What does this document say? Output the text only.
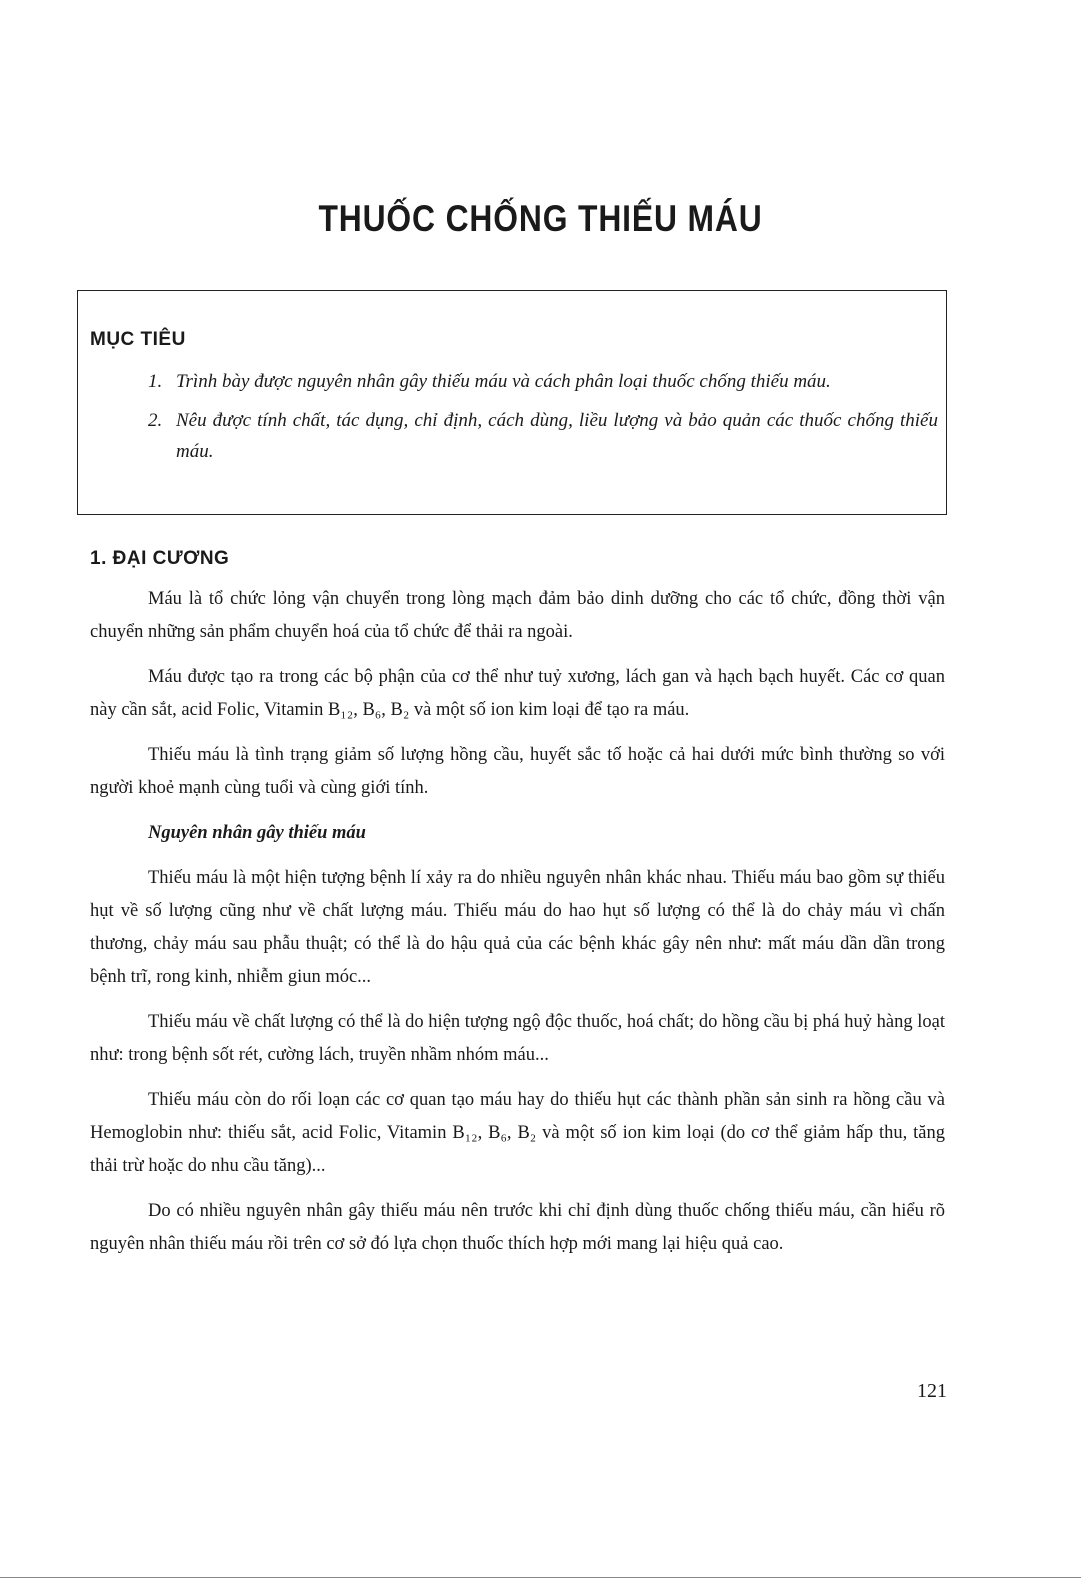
THUỐC CHỐNG THIẾU MÁU
MỤC TIÊU
1. Trình bày được nguyên nhân gây thiếu máu và cách phân loại thuốc chống thiếu máu.
2. Nêu được tính chất, tác dụng, chỉ định, cách dùng, liều lượng và bảo quản các thuốc chống thiếu máu.
1. ĐẠI CƯƠNG

Máu là tổ chức lỏng vận chuyển trong lòng mạch đảm bảo dinh dưỡng cho các tổ chức, đồng thời vận chuyển những sản phẩm chuyển hoá của tổ chức để thải ra ngoài.

Máu được tạo ra trong các bộ phận của cơ thể như tuỷ xương, lách gan và hạch bạch huyết. Các cơ quan này cần sắt, acid Folic, Vitamin B₁₂, B₆, B₂ và một số ion kim loại để tạo ra máu.

Thiếu máu là tình trạng giảm số lượng hồng cầu, huyết sắc tố hoặc cả hai dưới mức bình thường so với người khoẻ mạnh cùng tuổi và cùng giới tính.

Nguyên nhân gây thiếu máu

Thiếu máu là một hiện tượng bệnh lí xảy ra do nhiều nguyên nhân khác nhau. Thiếu máu bao gồm sự thiếu hụt về số lượng cũng như về chất lượng máu. Thiếu máu do hao hụt số lượng có thể là do chảy máu vì chấn thương, chảy máu sau phẫu thuật; có thể là do hậu quả của các bệnh khác gây nên như: mất máu dần dần trong bệnh trĩ, rong kinh, nhiễm giun móc...

Thiếu máu về chất lượng có thể là do hiện tượng ngộ độc thuốc, hoá chất; do hồng cầu bị phá huỷ hàng loạt như: trong bệnh sốt rét, cường lách, truyền nhầm nhóm máu...

Thiếu máu còn do rối loạn các cơ quan tạo máu hay do thiếu hụt các thành phần sản sinh ra hồng cầu và Hemoglobin như: thiếu sắt, acid Folic, Vitamin B₁₂, B₆, B₂ và một số ion kim loại (do cơ thể giảm hấp thu, tăng thải trừ hoặc do nhu cầu tăng)...

Do có nhiều nguyên nhân gây thiếu máu nên trước khi chỉ định dùng thuốc chống thiếu máu, cần hiểu rõ nguyên nhân thiếu máu rồi trên cơ sở đó lựa chọn thuốc thích hợp mới mang lại hiệu quả cao.

121
